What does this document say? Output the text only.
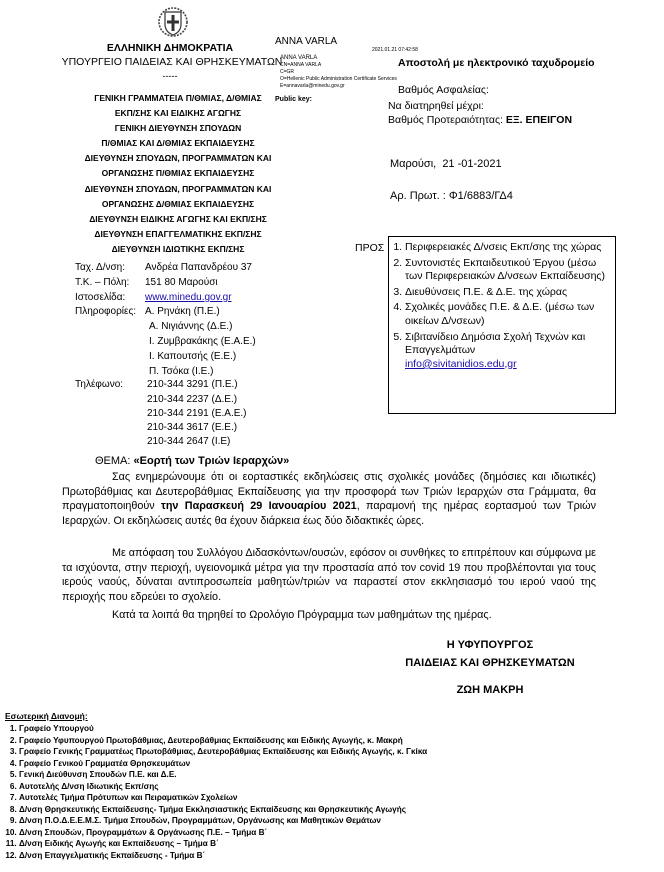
ΕΛΛΗΝΙΚΗ ΔΗΜΟΚΡΑΤΙΑ
ΥΠΟΥΡΓΕΙΟ ΠΑΙΔΕΙΑΣ ΚΑΙ ΘΡΗΣΚΕΥΜΑΤΩΝ
-----
ΓΕΝΙΚΗ ΓΡΑΜΜΑΤΕΙΑ Π/ΘΜΙΑΣ, Δ/ΘΜΙΑΣ
ΕΚΠ/ΣΗΣ ΚΑΙ ΕΙΔΙΚΗΣ ΑΓΩΓΗΣ
ΓΕΝΙΚΗ ΔΙΕΥΘΥΝΣΗ ΣΠΟΥΔΩΝ
Π/ΘΜΙΑΣ ΚΑΙ Δ/ΘΜΙΑΣ ΕΚΠΑΙΔΕΥΣΗΣ
ΔΙΕΥΘΥΝΣΗ ΣΠΟΥΔΩΝ, ΠΡΟΓΡΑΜΜΑΤΩΝ ΚΑΙ
ΟΡΓΑΝΩΣΗΣ Π/ΘΜΙΑΣ ΕΚΠΑΙΔΕΥΣΗΣ
ΔΙΕΥΘΥΝΣΗ ΣΠΟΥΔΩΝ, ΠΡΟΓΡΑΜΜΑΤΩΝ ΚΑΙ
ΟΡΓΑΝΩΣΗΣ Δ/ΘΜΙΑΣ ΕΚΠΑΙΔΕΥΣΗΣ
ΔΙΕΥΘΥΝΣΗ ΕΙΔΙΚΗΣ ΑΓΩΓΗΣ ΚΑΙ ΕΚΠ/ΣΗΣ
ΔΙΕΥΘΥΝΣΗ ΕΠΑΓΓΕΛΜΑΤΙΚΗΣ ΕΚΠ/ΣΗΣ
ΔΙΕΥΘΥΝΣΗ ΙΔΙΩΤΙΚΗΣ ΕΚΠ/ΣΗΣ
ANNA VARLA
ANNA VARLA
CN=ANNA VARLA
C=GR
O=Hellenic Public Administration Certificate Services
E=annavarla@minedu.gov.gr
Public key:
2021.01.21 07:42:58
Αποστολή με ηλεκτρονικό ταχυδρομείο
Βαθμός Ασφαλείας:
Να διατηρηθεί μέχρι:
Βαθμός Προτεραιότητας: ΕΞ. ΕΠΕΙΓΟΝ
Μαρούσι,  21 -01-2021
Αρ. Πρωτ. : Φ1/6883/ΓΔ4
Ταχ. Δ/νση: Ανδρέα Παπανδρέου 37
Τ.Κ. – Πόλη: 151 80 Μαρούσι
Ιστοσελίδα: www.minedu.gov.gr
Πληροφορίες: Α. Ρηνάκη (Π.Ε.)
Α. Νιγιάννης (Δ.Ε.)
Ι. Ζυμβρακάκης (Ε.Α.Ε.)
Ι. Καπουτσής (Ε.Ε.)
Π. Τσόκα (Ι.Ε.)
Τηλέφωνο: 210-344 3291 (Π.Ε.)
210-344 2237 (Δ.Ε.)
210-344 2191 (Ε.Α.Ε.)
210-344 3617 (Ε.Ε.)
210-344 2647 (Ι.Ε)
ΠΡΟΣ :
1. Περιφερειακές Δ/νσεις Εκπ/σης της χώρας
2. Συντονιστές Εκπαιδευτικού Έργου (μέσω των Περιφερειακών Δ/νσεων Εκπαίδευσης)
3. Διευθύνσεις Π.Ε. & Δ.Ε. της χώρας
4. Σχολικές μονάδες Π.Ε. & Δ.Ε. (μέσω των οικείων Δ/νσεων)
5. Σιβιτανίδειο Δημόσια Σχολή Τεχνών και Επαγγελμάτων
info@sivitanidios.edu,gr
ΘΕΜΑ: «Εορτή των Τριών Ιεραρχών»
Σας ενημερώνουμε ότι οι εορταστικές εκδηλώσεις στις σχολικές μονάδες (δημόσιες και ιδιωτικές) Πρωτοβάθμιας και Δευτεροβάθμιας Εκπαίδευσης για την προσφορά των Τριών Ιεραρχών στα Γράμματα, θα πραγματοποιηθούν την Παρασκευή 29 Ιανουαρίου 2021, παραμονή της ημέρας εορτασμού των Τριών Ιεραρχών. Οι εκδηλώσεις αυτές θα έχουν διάρκεια έως δύο διδακτικές ώρες.
Με απόφαση του Συλλόγου Διδασκόντων/ουσών, εφόσον οι συνθήκες το επιτρέπουν και σύμφωνα με τα ισχύοντα, στην περιοχή, υγειονομικά μέτρα για την προστασία από τον covid 19 που προβλέπονται για τους ιερούς ναούς, δύναται αντιπροσωπεία μαθητών/τριών να παραστεί στον εκκλησιασμό του ιερού ναού της περιοχής που εδρεύει το σχολείο.
Κατά τα λοιπά θα τηρηθεί το Ωρολόγιο Πρόγραμμα των μαθημάτων της ημέρας.
Η ΥΦΥΠΟΥΡΓΟΣ
ΠΑΙΔΕΙΑΣ ΚΑΙ ΘΡΗΣΚΕΥΜΑΤΩΝ
ΖΩΗ ΜΑΚΡΗ
Εσωτερική Διανομή:
1. Γραφείο Υπουργού
2. Γραφείο Υφυπουργού Πρωτοβάθμιας, Δευτεροβάθμιας Εκπαίδευσης και Ειδικής Αγωγής, κ. Μακρή
3. Γραφείο Γενικής Γραμματέως Πρωτοβάθμιας, Δευτεροβάθμιας Εκπαίδευσης και Ειδικής Αγωγής, κ. Γκίκα
4. Γραφείο Γενικού Γραμματέα Θρησκευμάτων
5. Γενική Διεύθυνση Σπουδών Π.Ε. και Δ.Ε.
6. Αυτοτελής Δ/νση Ιδιωτικής Εκπ/σης
7. Αυτοτελές Τμήμα Πρότυπων και Πειραματικών Σχολείων
8. Δ/νση Θρησκευτικής Εκπαίδευσης- Τμήμα Εκκλησιαστικής Εκπαίδευσης και Θρησκευτικής Αγωγής
9. Δ/νση Π.Ο.Δ.Ε.Ε.Μ.Σ. Τμήμα Σπουδών, Προγραμμάτων, Οργάνωσης και Μαθητικών Θεμάτων
10. Δ/νση Σπουδών, Προγραμμάτων & Οργάνωσης Π.Ε. – Τμήμα Β΄
11. Δ/νση Ειδικής Αγωγής και Εκπαίδευσης – Τμήμα Β΄
12. Δ/νση Επαγγελματικής Εκπαίδευσης - Τμήμα Β΄
